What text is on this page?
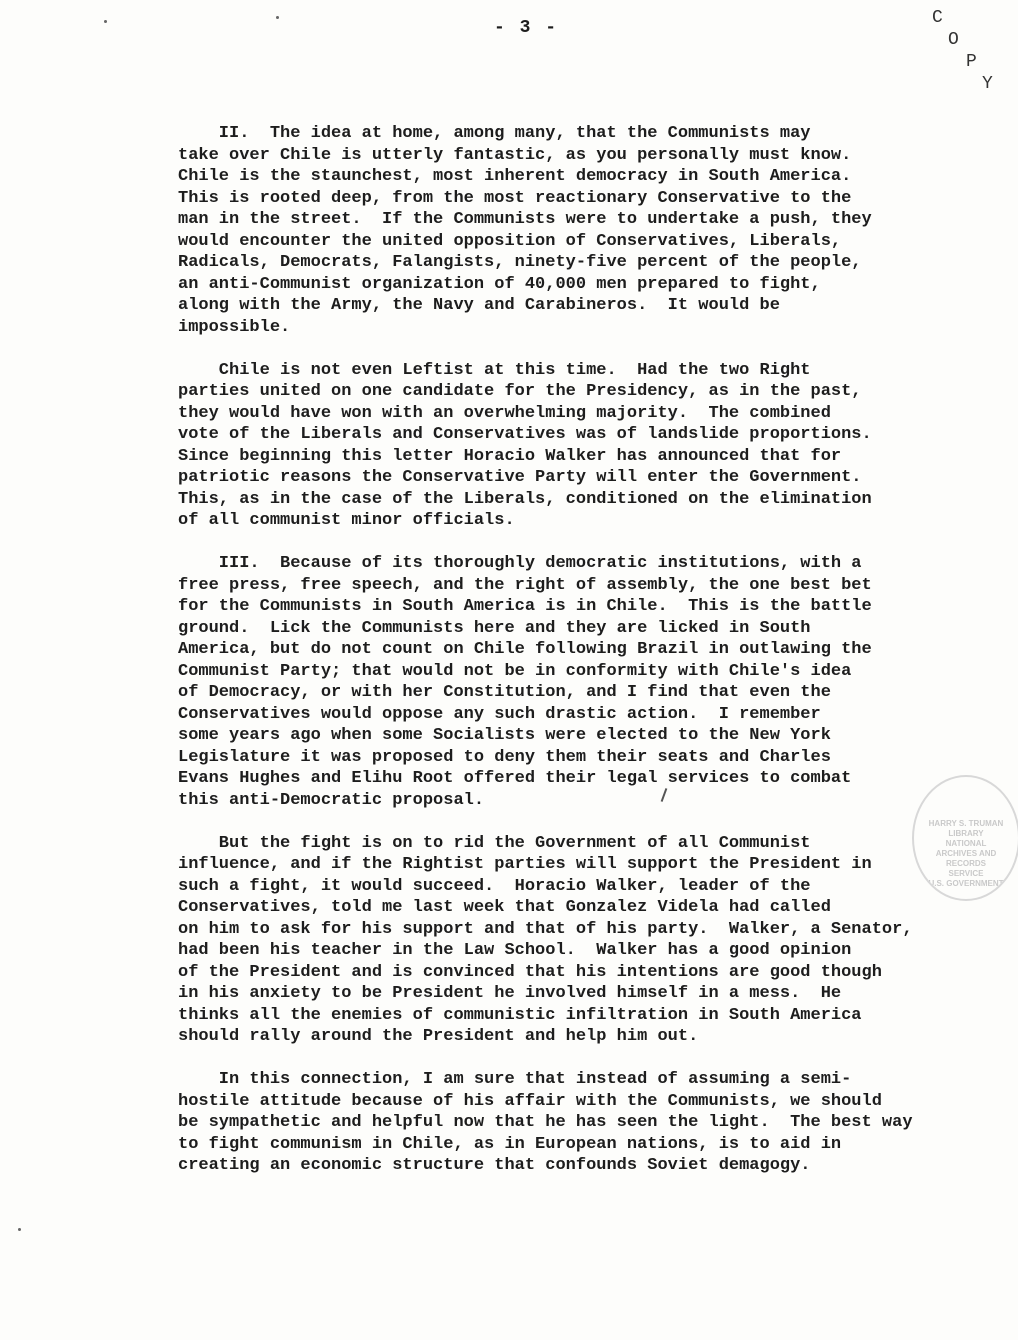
- 3 -	C
O
P
Y
II.  The idea at home, among many, that the Communists may
take over Chile is utterly fantastic, as you personally must know.
Chile is the staunchest, most inherent democracy in South America.
This is rooted deep, from the most reactionary Conservative to the
man in the street.  If the Communists were to undertake a push, they
would encounter the united opposition of Conservatives, Liberals,
Radicals, Democrats, Falangists, ninety-five percent of the people,
an anti-Communist organization of 40,000 men prepared to fight,
along with the Army, the Navy and Carabineros.  It would be
impossible.
Chile is not even Leftist at this time.  Had the two Right
parties united on one candidate for the Presidency, as in the past,
they would have won with an overwhelming majority.  The combined
vote of the Liberals and Conservatives was of landslide proportions.
Since beginning this letter Horacio Walker has announced that for
patriotic reasons the Conservative Party will enter the Government.
This, as in the case of the Liberals, conditioned on the elimination
of all communist minor officials.
III.  Because of its thoroughly democratic institutions, with a
free press, free speech, and the right of assembly, the one best bet
for the Communists in South America is in Chile.  This is the battle
ground.  Lick the Communists here and they are licked in South
America, but do not count on Chile following Brazil in outlawing the
Communist Party; that would not be in conformity with Chile's idea
of Democracy, or with her Constitution, and I find that even the
Conservatives would oppose any such drastic action.  I remember
some years ago when some Socialists were elected to the New York
Legislature it was proposed to deny them their seats and Charles
Evans Hughes and Elihu Root offered their legal services to combat
this anti-Democratic proposal.
But the fight is on to rid the Government of all Communist
influence, and if the Rightist parties will support the President in
such a fight, it would succeed.  Horacio Walker, leader of the
Conservatives, told me last week that Gonzalez Videla had called
on him to ask for his support and that of his party.  Walker, a Senator,
had been his teacher in the Law School.  Walker has a good opinion
of the President and is convinced that his intentions are good though
in his anxiety to be President he involved himself in a mess.  He
thinks all the enemies of communistic infiltration in South America
should rally around the President and help him out.
In this connection, I am sure that instead of assuming a semi-
hostile attitude because of his affair with the Communists, we should
be sympathetic and helpful now that he has seen the light.  The best way
to fight communism in Chile, as in European nations, is to aid in
creating an economic structure that confounds Soviet demagogy.
HARRY S. TRUMAN LIBRARY
NATIONAL
ARCHIVES AND
RECORDS
SERVICE
U.S. GOVERNMENT
